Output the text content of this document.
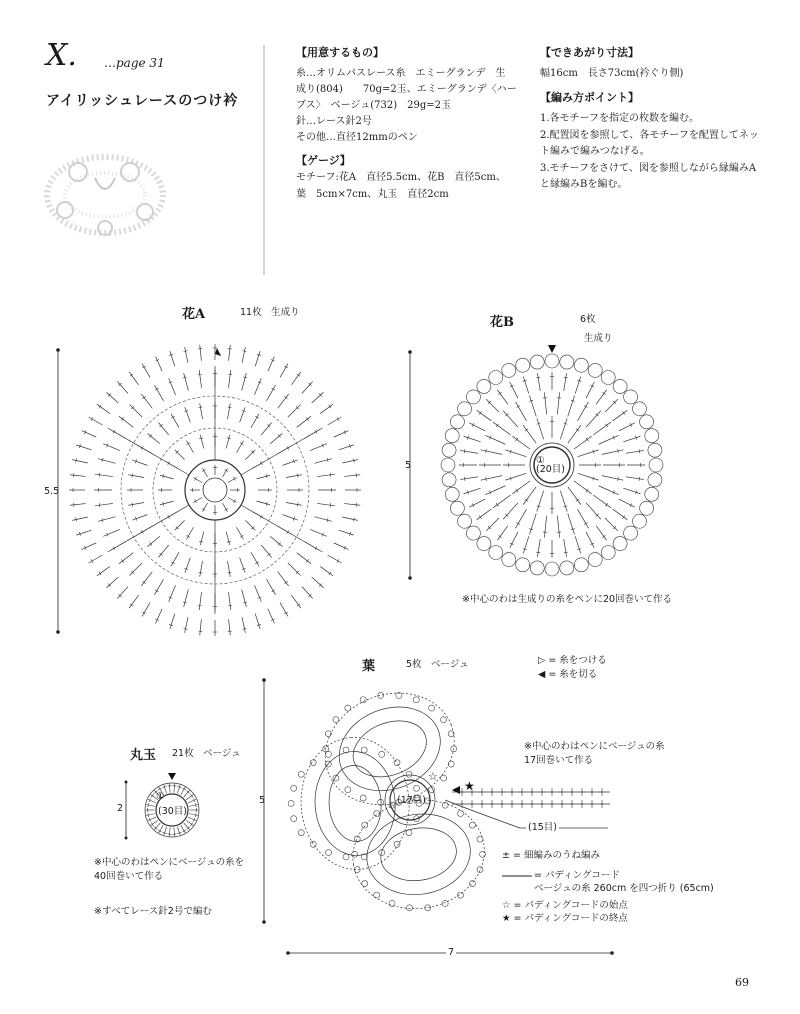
X. …page 31
アイリッシュレースのつけ衿
【用意するもの】
糸…オリムパスレース糸　エミーグランデ　生
成り(804)　　70g=2玉、エミーグランデ〈ハー
ブス〉　ベージュ(732)　29g=2玉
針…レース針2号
その他…直径12mmのペン
【ゲージ】
モチーフ:花A　直径5.5cm、花B　直径5cm、
葉　5cm×7cm、丸玉　直径2cm
【できあがり寸法】
幅16cm　長さ73cm(衿ぐり側)
【編み方ポイント】
1.各モチーフを指定の枚数を編む。
2.配置図を参照して、各モチーフを配置してネッ
ト編みで編みつなげる。
3.モチーフをさけて、図を参照しながら縁編みA
と縁編みBを編む。
☆
★
花A	11枚　生成り
5.5
花B	6枚
生成り
5	①
(20目)
※中心のわは生成りの糸をペンに20回巻いて作る
葉	5枚　ベージュ
5
7
(17目)
(15目)
※中心のわはペンにベージュの糸
17回巻いて作る
▷ = 糸をつける
◀ = 糸を切る
± = 細編みのうね編み
= パディングコード
ベージュの糸 260cm を四つ折り (65cm)
☆ = パディングコードの始点
★ = パディングコードの終点
丸玉 21枚　ベージュ
2
①
(30目)
※中心のわはペンにベージュの糸を
40回巻いて作る
※すべてレース針2号で編む
69
